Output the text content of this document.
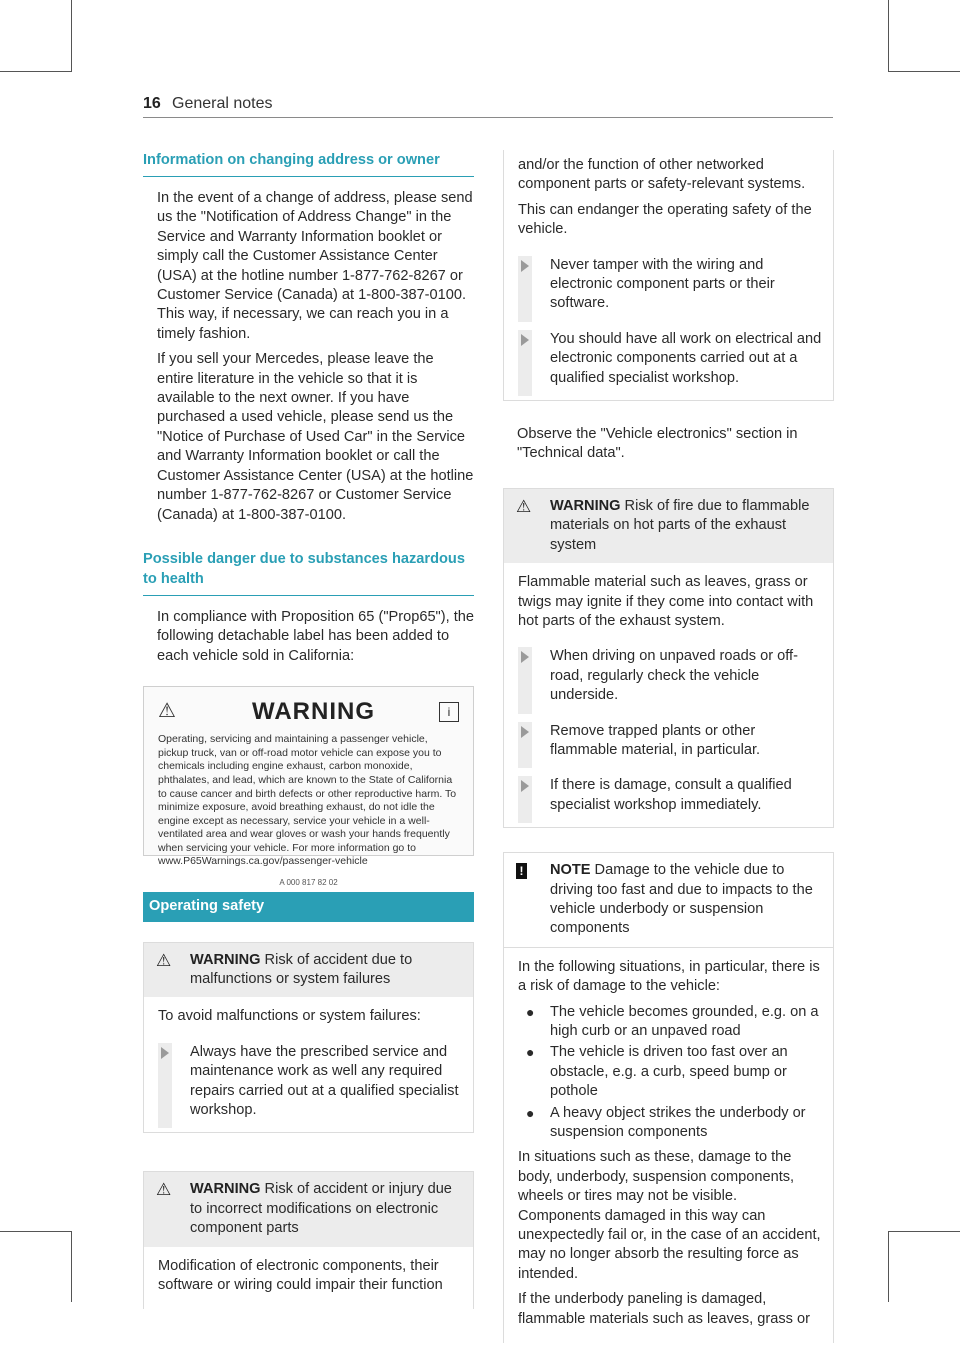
16 General notes
Information on changing address or owner

In the event of a change of address, please send us the "Notification of Address Change" in the Service and Warranty Information booklet or simply call the Customer Assistance Center (USA) at the hotline number 1-877-762-8267 or Customer Service (Canada) at 1-800-387-0100. This way, if necessary, we can reach you in a timely fashion.

If you sell your Mercedes, please leave the entire literature in the vehicle so that it is available to the next owner. If you have purchased a used vehicle, please send us the "Notice of Purchase of Used Car" in the Service and Warranty Information booklet or call the Customer Assistance Center (USA) at the hotline number 1-877-762-8267 or Customer Service (Canada) at 1-800-387-0100.

Possible danger due to substances hazardous to health

In compliance with Proposition 65 ("Prop65"), the following detachable label has been added to each vehicle sold in California:

⚠	WARNING	i
Operating, servicing and maintaining a passenger vehicle, pickup truck, van or off-road motor vehicle can expose you to chemicals including engine exhaust, carbon monoxide, phthalates, and lead, which are known to the State of California to cause cancer and birth defects or other reproductive harm. To minimize exposure, avoid breathing exhaust, do not idle the engine except as necessary, service your vehicle in a well-ventilated area and wear gloves or wash your hands frequently when servicing your vehicle. For more information go to www.P65Warnings.ca.gov/passenger-vehicle
A 000 817 82 02
Operating safety
⚠	WARNING Risk of accident due to malfunctions or system failures

To avoid malfunctions or system failures:

Always have the prescribed service and maintenance work as well any required repairs carried out at a qualified specialist workshop.
⚠	WARNING Risk of accident or injury due to incorrect modifications on electronic component parts

Modification of electronic components, their software or wiring could impair their function

and/or the function of other networked component parts or safety-relevant systems.

This can endanger the operating safety of the vehicle.

Never tamper with the wiring and electronic component parts or their software.
You should have all work on electrical and electronic components carried out at a qualified specialist workshop.

Observe the "Vehicle electronics" section in "Technical data".

⚠	WARNING Risk of fire due to flammable materials on hot parts of the exhaust system

Flammable material such as leaves, grass or twigs may ignite if they come into contact with hot parts of the exhaust system.

When driving on unpaved roads or off-road, regularly check the vehicle underside.
Remove trapped plants or other flammable material, in particular.
If there is damage, consult a qualified specialist workshop immediately.
!	NOTE Damage to the vehicle due to driving too fast and due to impacts to the vehicle underbody or suspension components

In the following situations, in particular, there is a risk of damage to the vehicle:

●	The vehicle becomes grounded, e.g. on a high curb or an unpaved road
●	The vehicle is driven too fast over an obstacle, e.g. a curb, speed bump or pothole
●	A heavy object strikes the underbody or suspension components

In situations such as these, damage to the body, underbody, suspension components, wheels or tires may not be visible. Components damaged in this way can unexpectedly fail or, in the case of an accident, may no longer absorb the resulting force as intended.

If the underbody paneling is damaged, flammable materials such as leaves, grass or
